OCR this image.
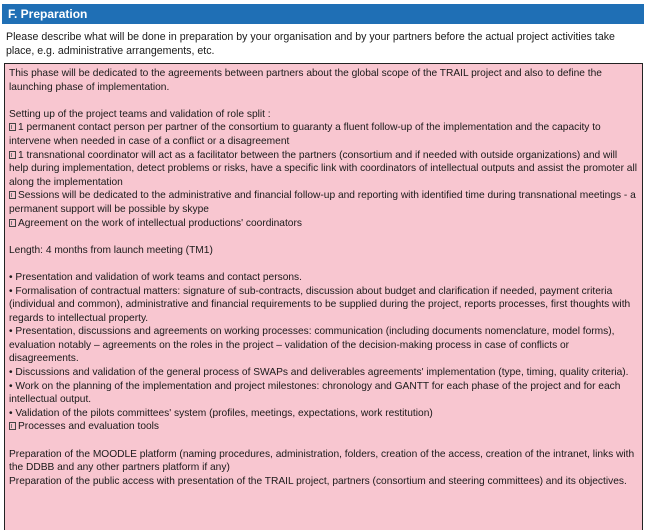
F. Preparation
Please describe what will be done in preparation by your organisation and by your partners before the actual project activities take place, e.g. administrative arrangements, etc.

This phase will be dedicated to the agreements between partners about the global scope of the TRAIL project and also to define the launching phase of implementation.

Setting up of the project teams and validation of role split :

1 permanent contact person per partner of the consortium to guaranty a fluent follow-up of the implementation and the capacity to intervene when needed in case of a conflict or a disagreement

1 transnational coordinator will act as a facilitator between the partners (consortium and if needed with outside organizations) and will help during implementation, detect problems or risks, have a specific link with coordinators of intellectual outputs and assist the promoter all along the implementation

Sessions will be dedicated to the administrative and financial follow-up and reporting with identified time during transnational meetings - a permanent support will be possible by skype

Agreement on the work of intellectual productions' coordinators

Length: 4 months from launch meeting (TM1)

• Presentation and validation of work teams and contact persons.

• Formalisation of contractual matters: signature of sub-contracts, discussion about budget and clarification if needed, payment criteria (individual and common), administrative and financial requirements to be supplied during the project, reports processes, first thoughts with regards to intellectual property.

• Presentation, discussions and agreements on working processes: communication (including documents nomenclature, model forms), evaluation notably – agreements on the roles in the project – validation of the decision-making process in case of conflicts or disagreements.

• Discussions and validation of the general process of SWAPs and deliverables agreements' implementation (type, timing, quality criteria).

• Work on the planning of the implementation and project milestones: chronology and GANTT for each phase of the project and for each intellectual output.

• Validation of the pilots committees' system (profiles, meetings, expectations, work restitution)

Processes and evaluation tools

Preparation of the MOODLE platform (naming procedures, administration, folders, creation of the access, creation of the intranet, links with the DDBB and any other partners platform if any)

Preparation of the public access with presentation of the TRAIL project, partners (consortium and steering committees) and its objectives.
